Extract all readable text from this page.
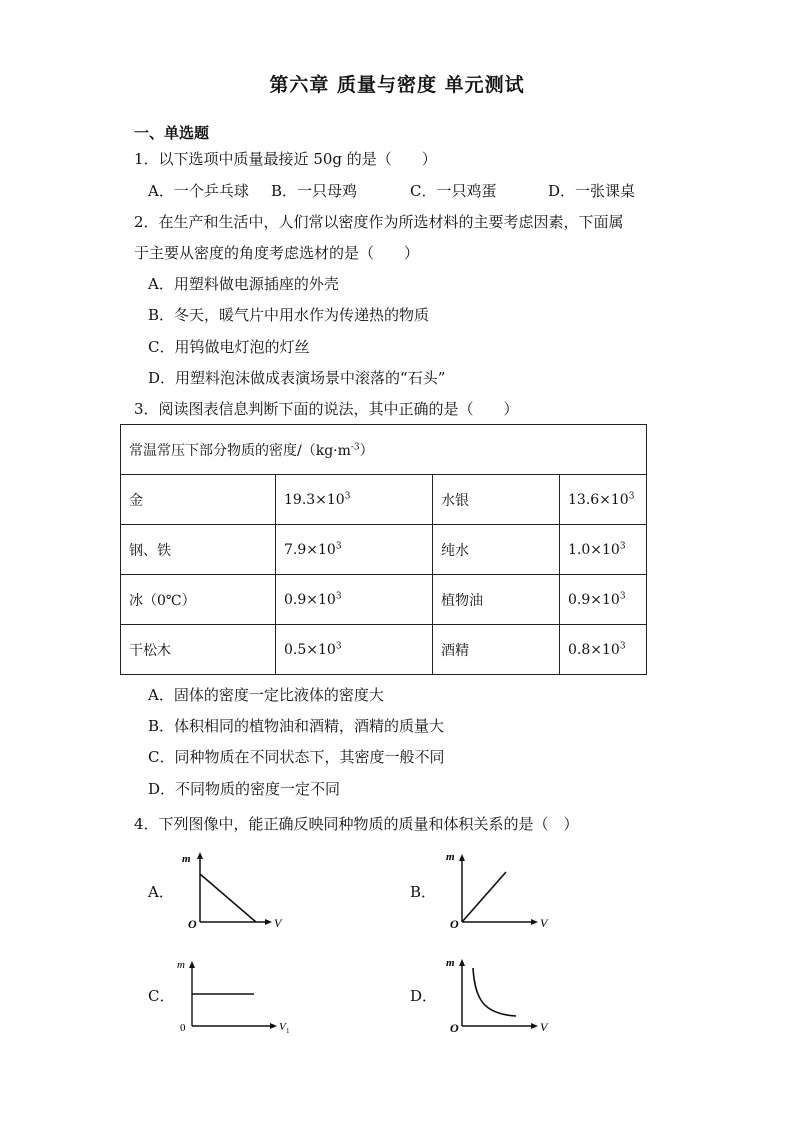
第六章 质量与密度 单元测试
一、单选题
1．以下选项中质量最接近 50g 的是（　　）
A．一个乒乓球 B．一只母鸡	C．一只鸡蛋	D．一张课桌
2．在生产和生活中，人们常以密度作为所选材料的主要考虑因素，下面属
于主要从密度的角度考虑选材的是（　　）
A．用塑料做电源插座的外壳
B．冬天，暖气片中用水作为传递热的物质
C．用钨做电灯泡的灯丝
D．用塑料泡沫做成表演场景中滚落的“石头”
3．阅读图表信息判断下面的说法，其中正确的是（　　）
常温常压下部分物质的密度$/(kg\cdot m^{-3})$			
金	$19.3\times 10^3$	水银	$13.6\times 10^3$
钢、铁	$7.9\times 10^3$	纯水	$1.0\times 10^3$
冰（0℃）	$0.9\times 10^3$	植物油	$0.9\times 10^3$
干松木	$0.5\times 10^3$	酒精	$0.8\times 10^3$
A．固体的密度一定比液体的密度大
B．体积相同的植物油和酒精，酒精的质量大
C．同种物质在不同状态下，其密度一般不同
D．不同物质的密度一定不同
4．下列图像中，能正确反映同种物质的质量和体积关系的是（　）
A．	B．
C．	D．
m
O	V
m
O	V
m
0	V 1
m
O	V
